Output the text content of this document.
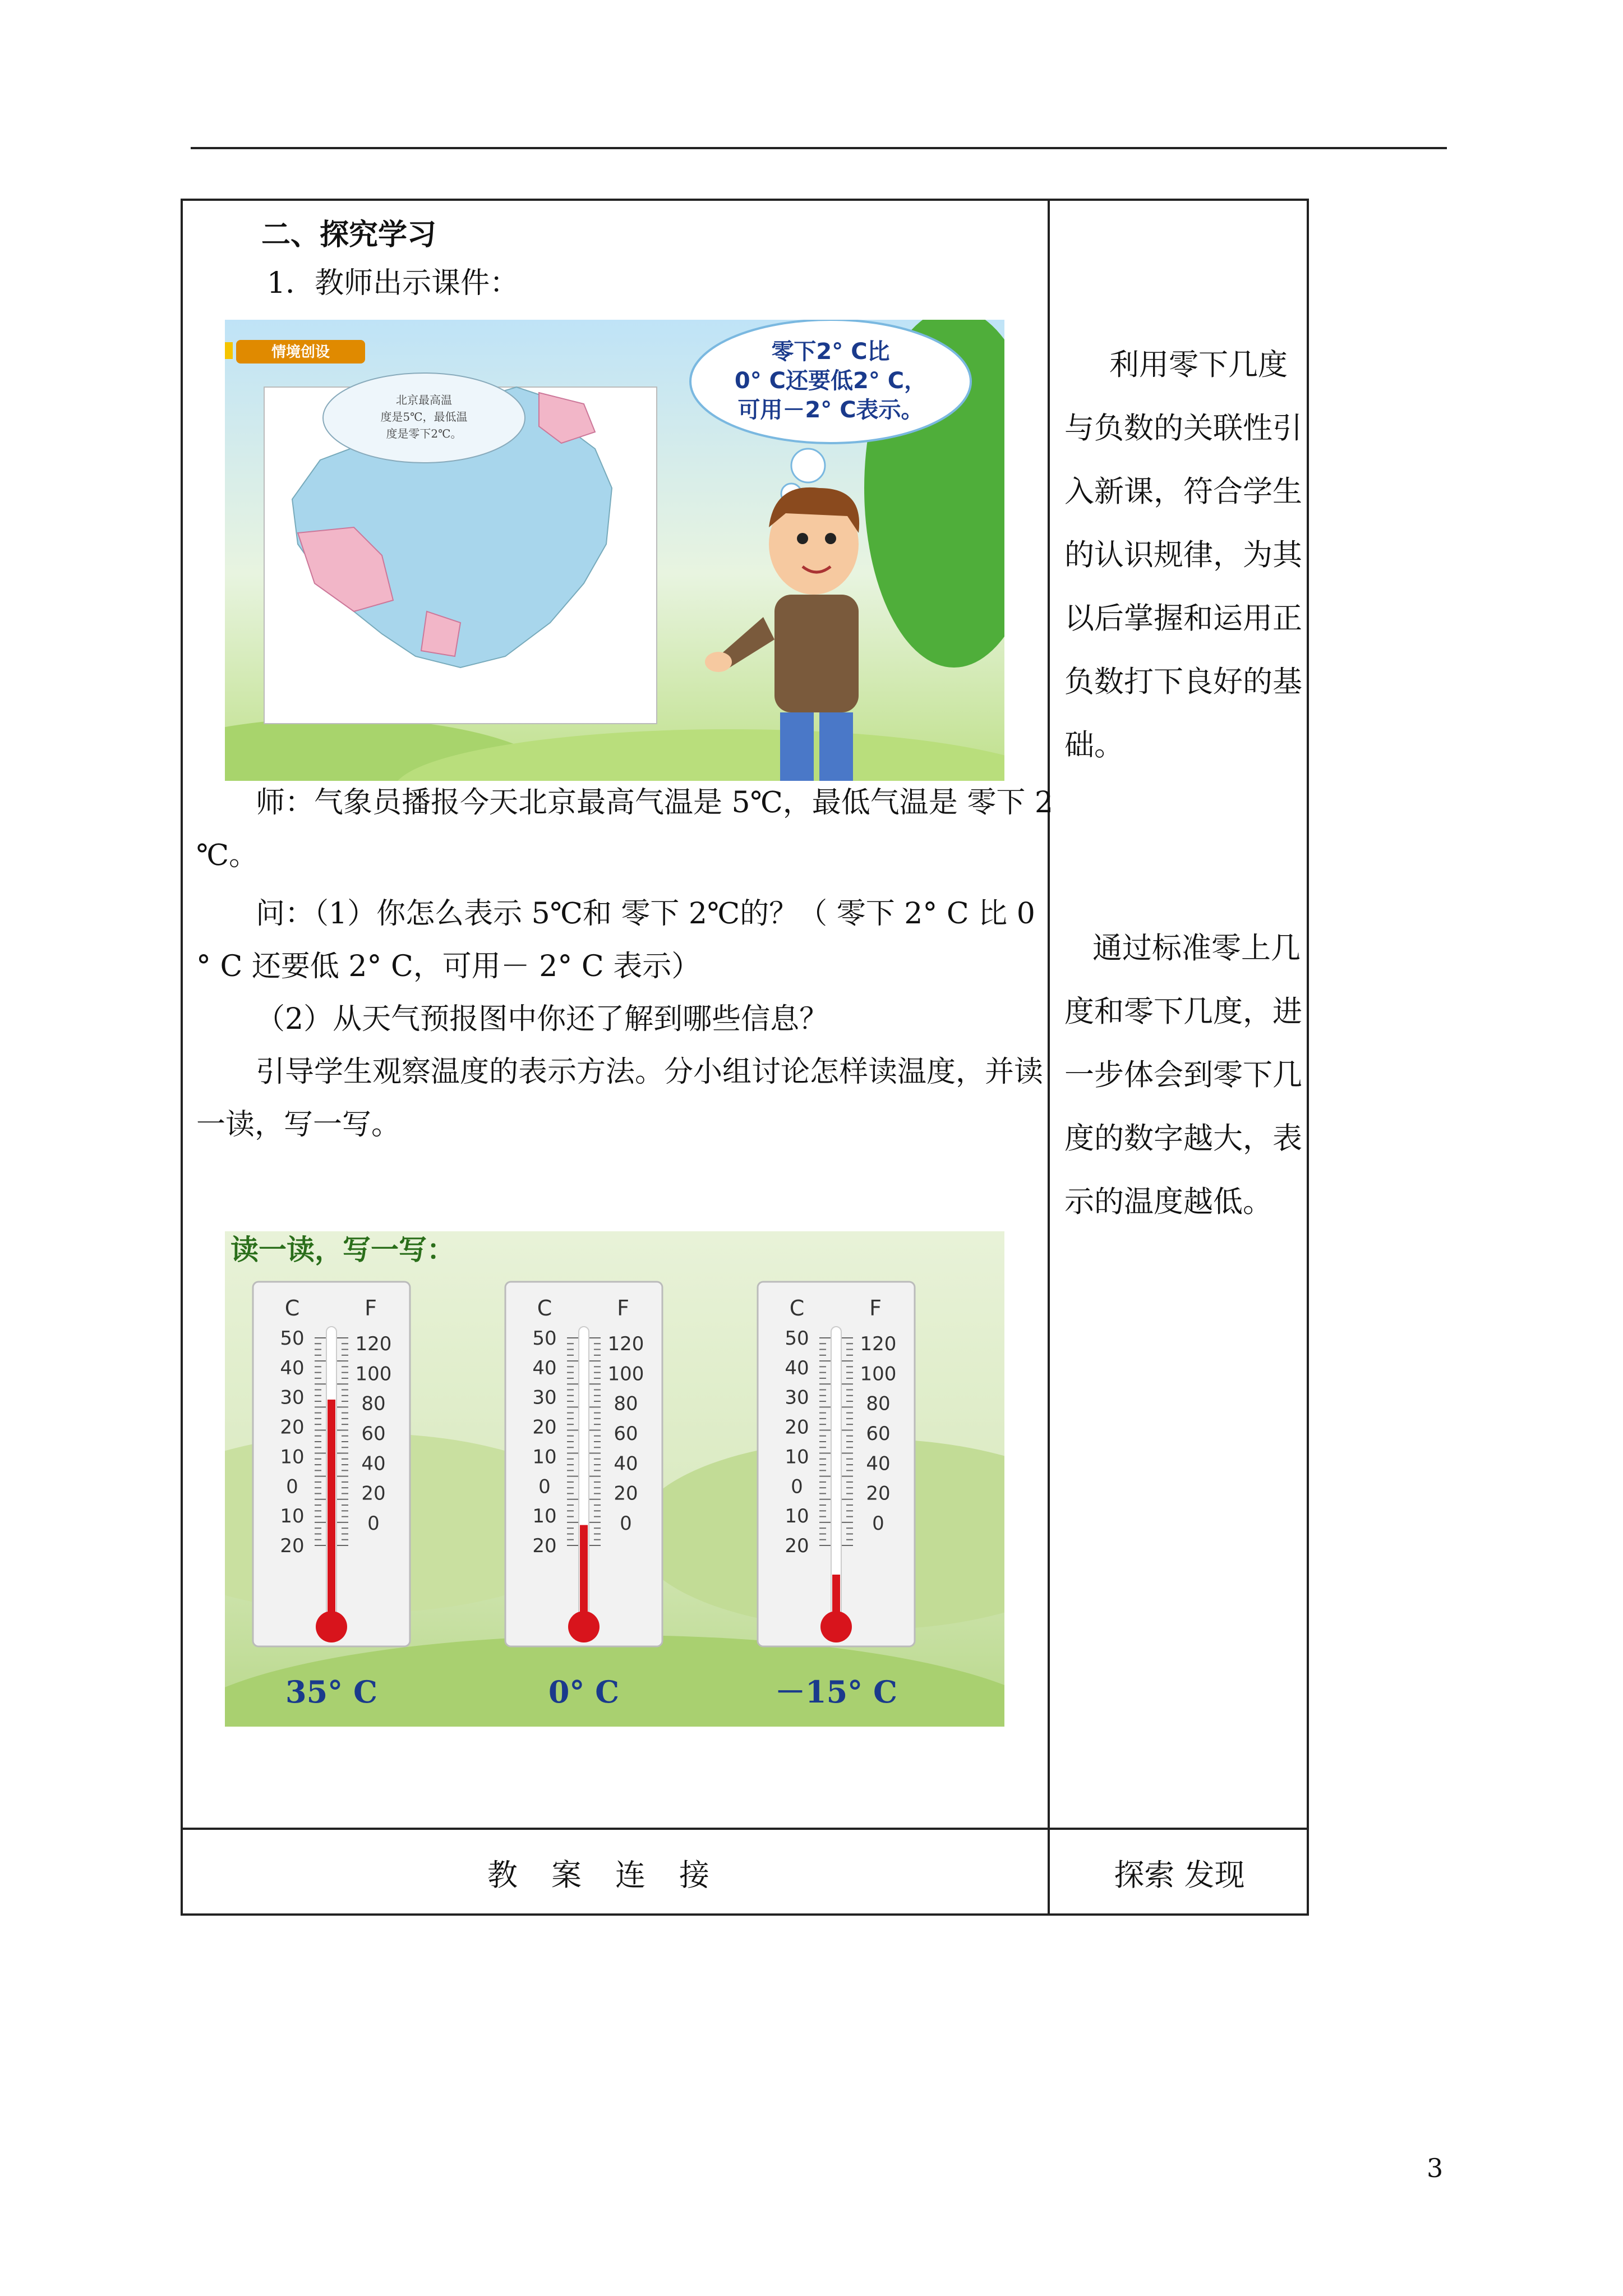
二、探究学习
1．教师出示课件：
情境创设
北京最高温
度是5℃，最低温
度是零下2℃。
零下2° C比
0° C还要低2° C，
可用－2° C表示。
师：气象员播报今天北京最高气温是 5℃，最低气温是 零下 2
℃。
问：（1）你怎么表示 5℃和 零下 2℃的？（ 零下 2° C 比 0
° C 还要低 2° C，可用－ 2° C 表示）
（2）从天气预报图中你还了解到哪些信息？
引导学生观察温度的表示方法。分小组讨论怎样读温度，并读
一读，写一写。
读一读，写一写：
C	F
50
40
30
20
10
0
10
20
120
100
80
60
40
20
0
35° C
C	F
50
40
30
20
10
0
10
20
120
100
80
60
40
20
0
0° C
C	F
50
40
30
20
10
0
10
20
120
100
80
60
40
20
0
－15° C
利用零下几度与负数的关联性引入新课，符合学生的认识规律，为其以后掌握和运用正负数打下良好的基础。
通过标准零上几度和零下几度，进一步体会到零下几度的数字越大，表示的温度越低。
教案连接	探索 发现
3
